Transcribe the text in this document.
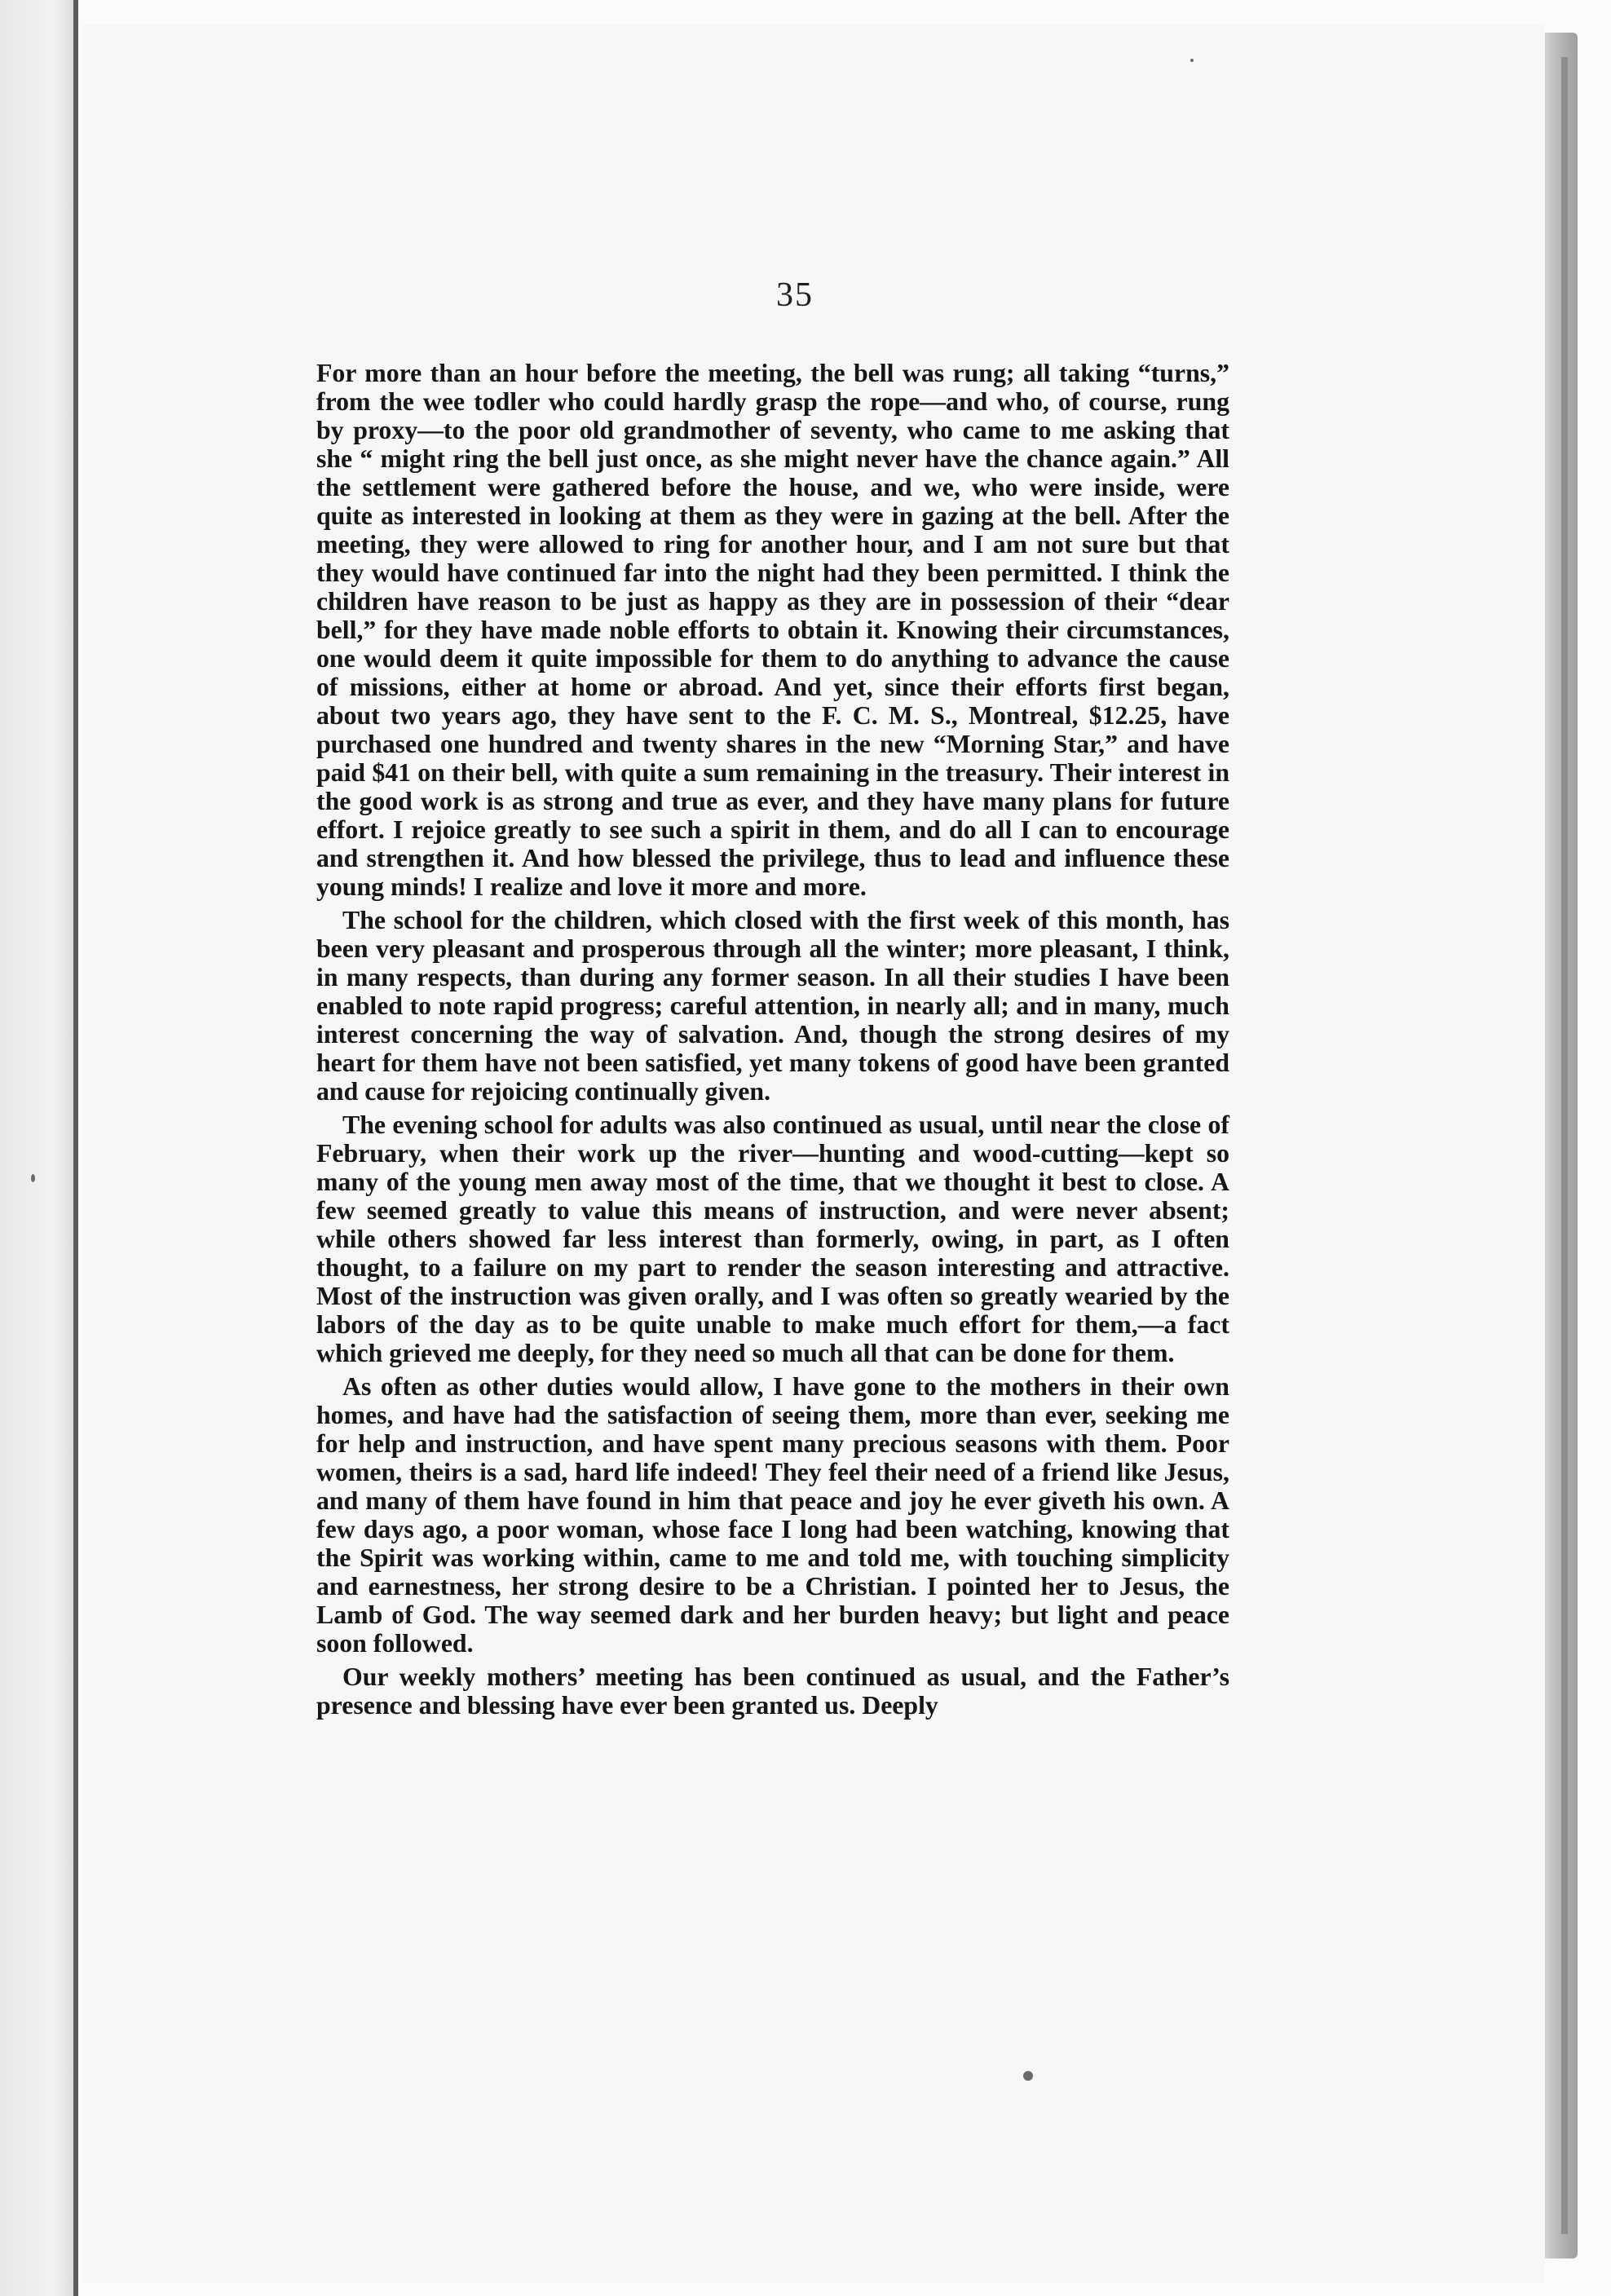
35

For more than an hour before the meeting, the bell was rung; all taking “turns,” from the wee todler who could hardly grasp the rope—and who, of course, rung by proxy—to the poor old grandmother of seventy, who came to me asking that she “ might ring the bell just once, as she might never have the chance again.” All the settlement were gathered before the house, and we, who were inside, were quite as interested in looking at them as they were in gazing at the bell. After the meeting, they were allowed to ring for another hour, and I am not sure but that they would have continued far into the night had they been permitted. I think the children have reason to be just as happy as they are in possession of their “dear bell,” for they have made noble efforts to obtain it. Knowing their circumstances, one would deem it quite impossible for them to do anything to advance the cause of missions, either at home or abroad. And yet, since their efforts first began, about two years ago, they have sent to the F. C. M. S., Montreal, $12.25, have purchased one hundred and twenty shares in the new “Morning Star,” and have paid $41 on their bell, with quite a sum remaining in the treasury. Their interest in the good work is as strong and true as ever, and they have many plans for future effort. I rejoice greatly to see such a spirit in them, and do all I can to encourage and strengthen it. And how blessed the privilege, thus to lead and influence these young minds! I realize and love it more and more.

The school for the children, which closed with the first week of this month, has been very pleasant and prosperous through all the winter; more pleasant, I think, in many respects, than during any former season. In all their studies I have been enabled to note rapid progress; careful attention, in nearly all; and in many, much interest concerning the way of salvation. And, though the strong desires of my heart for them have not been satisfied, yet many tokens of good have been granted and cause for rejoicing continually given.

The evening school for adults was also continued as usual, until near the close of February, when their work up the river—hunting and wood-cutting—kept so many of the young men away most of the time, that we thought it best to close. A few seemed greatly to value this means of instruction, and were never absent; while others showed far less interest than formerly, owing, in part, as I often thought, to a failure on my part to render the season interesting and attractive. Most of the instruction was given orally, and I was often so greatly wearied by the labors of the day as to be quite unable to make much effort for them,—a fact which grieved me deeply, for they need so much all that can be done for them.

As often as other duties would allow, I have gone to the mothers in their own homes, and have had the satisfaction of seeing them, more than ever, seeking me for help and instruction, and have spent many precious seasons with them. Poor women, theirs is a sad, hard life indeed! They feel their need of a friend like Jesus, and many of them have found in him that peace and joy he ever giveth his own. A few days ago, a poor woman, whose face I long had been watching, knowing that the Spirit was working within, came to me and told me, with touching simplicity and earnestness, her strong desire to be a Christian. I pointed her to Jesus, the Lamb of God. The way seemed dark and her burden heavy; but light and peace soon followed.

Our weekly mothers’ meeting has been continued as usual, and the Father’s presence and blessing have ever been granted us. Deeply
